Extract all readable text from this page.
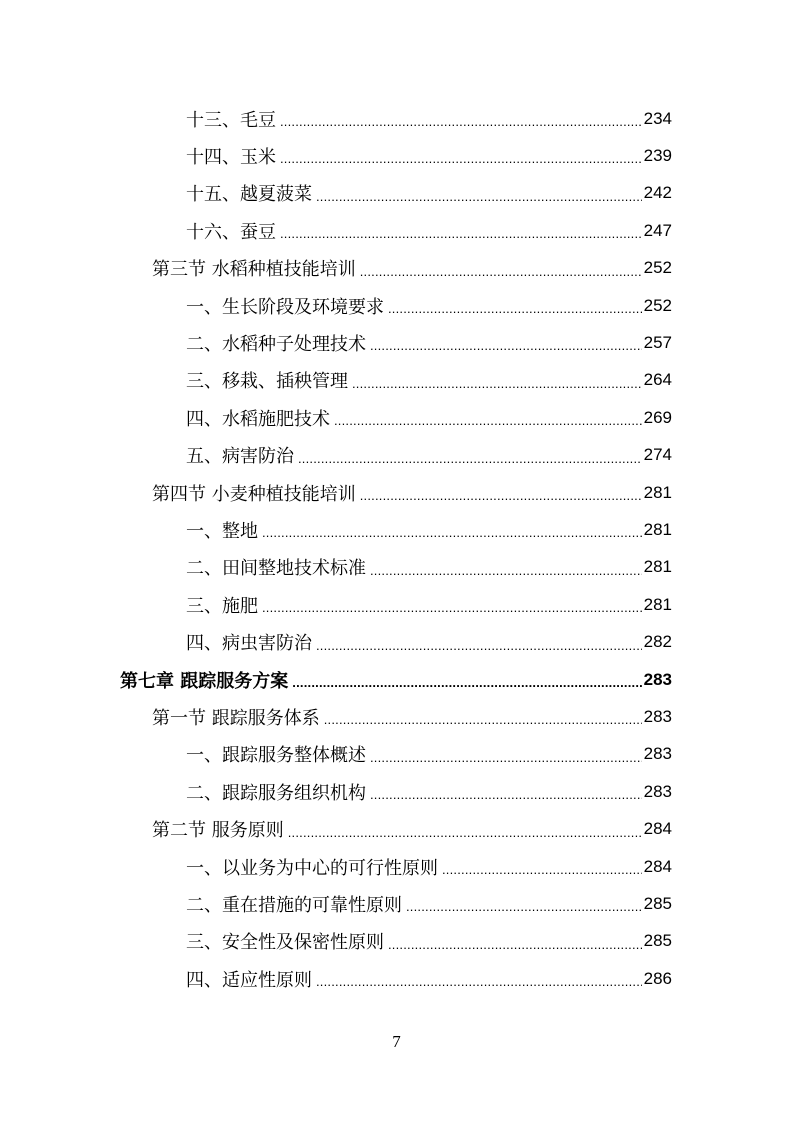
十三、毛豆 .....	234
十四、玉米 .....	239
十五、越夏菠菜 .....	242
十六、蚕豆 .....	247
第三节 水稻种植技能培训 .....	252
一、生长阶段及环境要求 .....	252
二、水稻种子处理技术 .....	257
三、移栽、插秧管理 .....	264
四、水稻施肥技术 .....	269
五、病害防治 .....	274
第四节 小麦种植技能培训 .....	281
一、整地 .....	281
二、田间整地技术标准 .....	281
三、施肥 .....	281
四、病虫害防治 .....	282
第七章 跟踪服务方案 .....	283
第一节 跟踪服务体系 .....	283
一、跟踪服务整体概述 .....	283
二、跟踪服务组织机构 .....	283
第二节 服务原则 .....	284
一、以业务为中心的可行性原则 .....	284
二、重在措施的可靠性原则 .....	285
三、安全性及保密性原则 .....	285
四、适应性原则 .....	286
7
